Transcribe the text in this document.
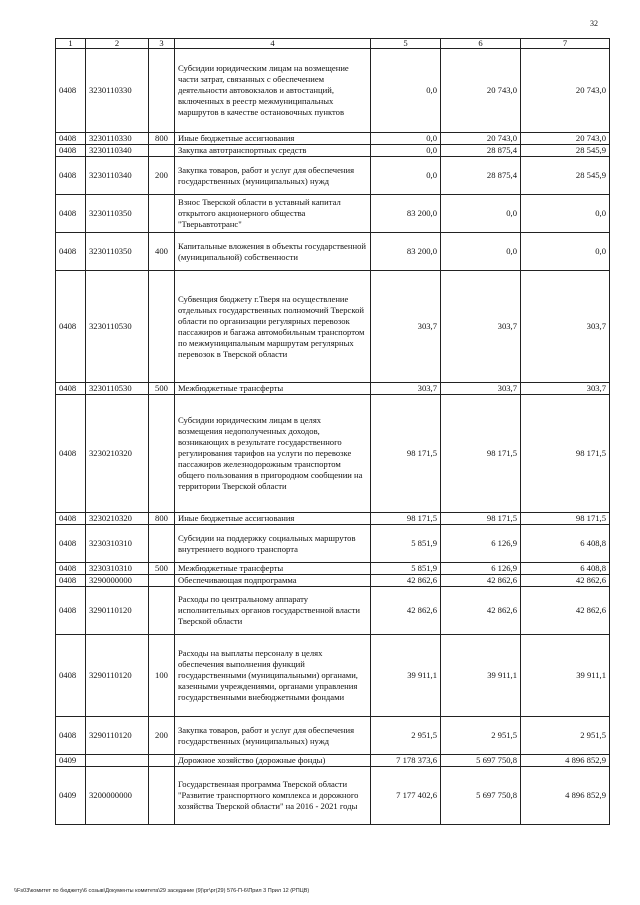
32
1	2	3	4	5	6	7
0408	3230110330		Субсидии юридическим лицам на возмещение части затрат, связанных с обеспечением деятельности автовокзалов и автостанций, включенных в реестр межмуниципальных маршрутов в качестве остановочных пунктов	0,0	20 743,0	20 743,0
0408	3230110330	800	Иные бюджетные ассигнования	0,0	20 743,0	20 743,0
0408	3230110340		Закупка автотранспортных средств	0,0	28 875,4	28 545,9
0408	3230110340	200	Закупка товаров, работ и услуг для обеспечения государственных (муниципальных) нужд	0,0	28 875,4	28 545,9
0408	3230110350		Взнос Тверской области в уставный капитал открытого акционерного общества "Тверьавтотранс"	83 200,0	0,0	0,0
0408	3230110350	400	Капитальные вложения в объекты государственной (муниципальной) собственности	83 200,0	0,0	0,0
0408	3230110530		Субвенция бюджету г.Тверя на осуществление отдельных государственных полномочий Тверской области по организации регулярных перевозок пассажиров и багажа автомобильным транспортом по межмуниципальным маршрутам регулярных перевозок в Тверской области	303,7	303,7	303,7
0408	3230110530	500	Межбюджетные трансферты	303,7	303,7	303,7
0408	3230210320		Субсидии юридическим лицам в целях возмещения недополученных доходов, возникающих в результате государственного регулирования тарифов на услуги по перевозке пассажиров железнодорожным транспортом общего пользования в пригородном сообщении на территории Тверской области	98 171,5	98 171,5	98 171,5
0408	3230210320	800	Иные бюджетные ассигнования	98 171,5	98 171,5	98 171,5
0408	3230310310		Субсидии на поддержку социальных маршрутов внутреннего водного транспорта	5 851,9	6 126,9	6 408,8
0408	3230310310	500	Межбюджетные трансферты	5 851,9	6 126,9	6 408,8
0408	3290000000		Обеспечивающая подпрограмма	42 862,6	42 862,6	42 862,6
0408	3290110120		Расходы по центральному аппарату исполнительных органов государственной власти Тверской области	42 862,6	42 862,6	42 862,6
0408	3290110120	100	Расходы на выплаты персоналу в целях обеспечения выполнения функций государственными (муниципальными) органами, казенными учреждениями, органами управления государственными внебюджетными фондами	39 911,1	39 911,1	39 911,1
0408	3290110120	200	Закупка товаров, работ и услуг для обеспечения государственных (муниципальных) нужд	2 951,5	2 951,5	2 951,5
0409			Дорожное хозяйство (дорожные фонды)	7 178 373,6	5 697 750,8	4 896 852,9
0409	3200000000		Государственная программа Тверской области "Развитие транспортного комплекса и дорожного хозяйства Тверской области" на 2016 - 2021 годы	7 177 402,6	5 697 750,8	4 896 852,9
\\Fs03\комитет по бюджету\6 созыв\Документы комитета\29 заседание (9)\рг\рг(29) 576-П-6\Прил 3 Прил 12 (РПЦВ)
